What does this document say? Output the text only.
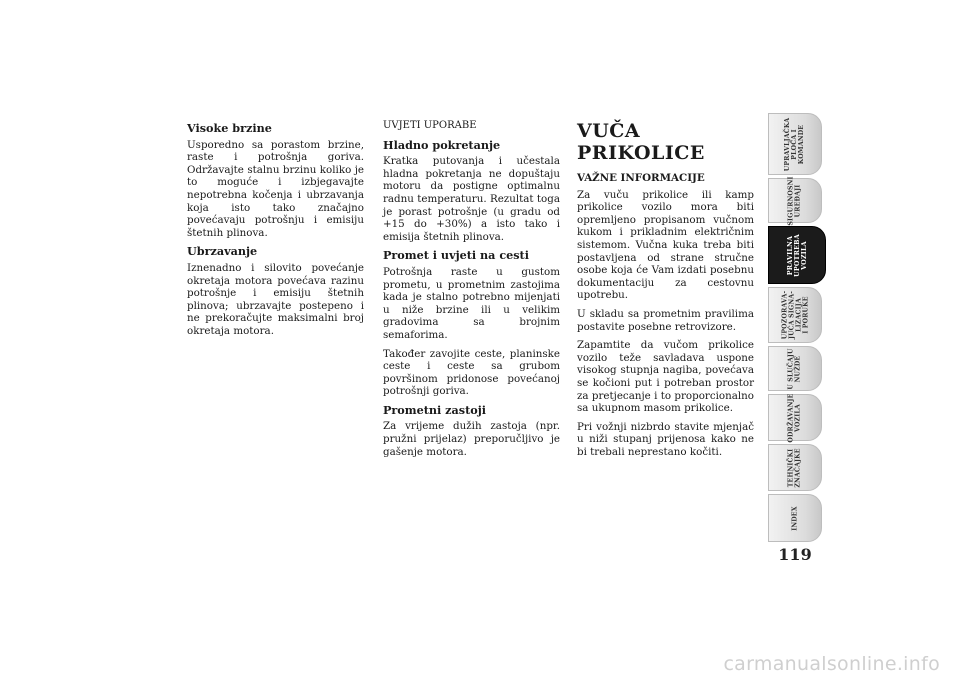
Visoke brzine

Usporedno sa porastom brzine, raste i potrošnja goriva. Održavajte stalnu brzinu koliko je to moguće i izbjegavajte nepotrebna kočenja i ubrzavanja koja isto tako značajno povećavaju potrošnju i emisiju štetnih plinova.

Ubrzavanje

Iznenadno i silovito povećanje okretaja motora povećava razinu potrošnje i emisiju štetnih plinova; ubrzavajte postepeno i ne prekoračujte maksimalni broj okretaja motora.

UVJETI UPORABE

Hladno pokretanje

Kratka putovanja i učestala hladna pokretanja ne dopuštaju motoru da postigne optimalnu radnu temperaturu. Rezultat toga je porast potrošnje (u gradu od +15 do +30%) a isto tako i emisija štetnih plinova.

Promet i uvjeti na cesti

Potrošnja raste u gustom prometu, u prometnim zastojima kada je stalno potrebno mijenjati u niže brzine ili u velikim gradovima sa brojnim semaforima.

Također zavojite ceste, planinske ceste i ceste sa grubom površinom pridonose povećanoj potrošnji goriva.

Prometni zastoji

Za vrijeme dužih zastoja (npr. pružni prijelaz) preporučljivo je gašenje motora.

VUČA PRIKOLICE

VAŽNE INFORMACIJE

Za vuču prikolice ili kamp prikolice vozilo mora biti opremljeno propisanom vučnom kukom i prikladnim električnim sistemom. Vučna kuka treba biti postavljena od strane stručne osobe koja će Vam izdati posebnu dokumentaciju za cestovnu upotrebu.

U skladu sa prometnim pravilima postavite posebne retrovizore.

Zapamtite da vučom prikolice vozilo teže savladava uspone visokog stupnja nagiba, povećava se kočioni put i potreban prostor za pretjecanje i to proporcionalno sa ukupnom masom prikolice.

Pri vožnji nizbrdo stavite mjenjač u niži stupanj prijenosa kako ne bi trebali neprestano kočiti.

UPRAVLJAČKA
PLOČA I
KOMANDE
SIGURNOSNI
UREĐAJI
PRAVILNA
UPOTREBA
VOZILA
UPOZORAVA-
JUĆA SIGNA-
LIZACIJA
I PORUKE
U SLUČAJU
NUŽDE
ODRŽAVANJE
VOZILA
TEHNIČKI
ZNAČAJKE
INDEX
119
carmanualsonline.info
